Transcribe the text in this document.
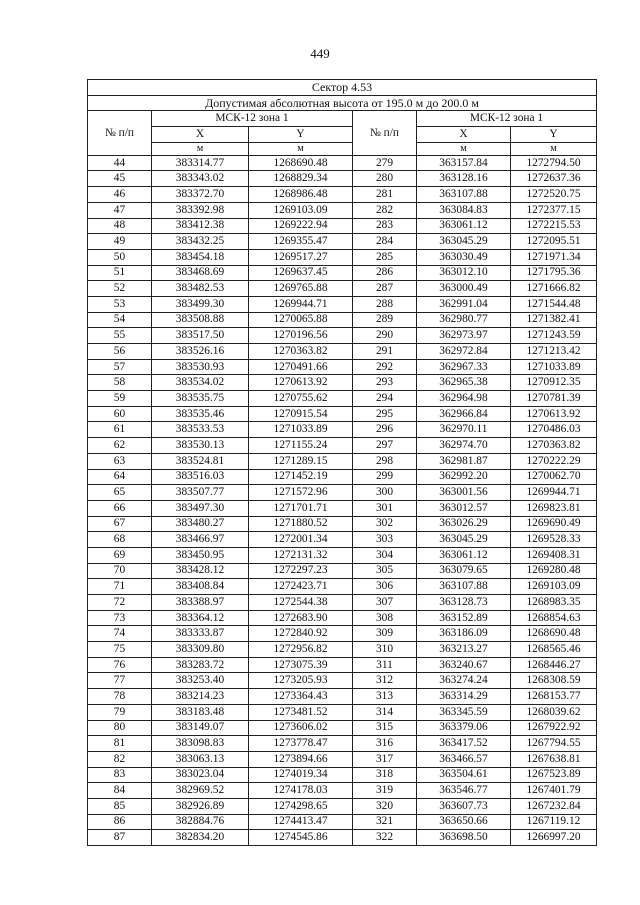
449
Сектор 4.53					
Допустимая абсолютная высота от 195.0 м до 200.0 м					
№ п/п	МСК-12 зона 1		№ п/п	МСК-12 зона 1	
	X	Y		X	Y
	м	м		м	м
44	383314.77	1268690.48	279	363157.84	1272794.50
45	383343.02	1268829.34	280	363128.16	1272637.36
46	383372.70	1268986.48	281	363107.88	1272520.75
47	383392.98	1269103.09	282	363084.83	1272377.15
48	383412.38	1269222.94	283	363061.12	1272215.53
49	383432.25	1269355.47	284	363045.29	1272095.51
50	383454.18	1269517.27	285	363030.49	1271971.34
51	383468.69	1269637.45	286	363012.10	1271795.36
52	383482.53	1269765.88	287	363000.49	1271666.82
53	383499.30	1269944.71	288	362991.04	1271544.48
54	383508.88	1270065.88	289	362980.77	1271382.41
55	383517.50	1270196.56	290	362973.97	1271243.59
56	383526.16	1270363.82	291	362972.84	1271213.42
57	383530.93	1270491.66	292	362967.33	1271033.89
58	383534.02	1270613.92	293	362965.38	1270912.35
59	383535.75	1270755.62	294	362964.98	1270781.39
60	383535.46	1270915.54	295	362966.84	1270613.92
61	383533.53	1271033.89	296	362970.11	1270486.03
62	383530.13	1271155.24	297	362974.70	1270363.82
63	383524.81	1271289.15	298	362981.87	1270222.29
64	383516.03	1271452.19	299	362992.20	1270062.70
65	383507.77	1271572.96	300	363001.56	1269944.71
66	383497.30	1271701.71	301	363012.57	1269823.81
67	383480.27	1271880.52	302	363026.29	1269690.49
68	383466.97	1272001.34	303	363045.29	1269528.33
69	383450.95	1272131.32	304	363061.12	1269408.31
70	383428.12	1272297.23	305	363079.65	1269280.48
71	383408.84	1272423.71	306	363107.88	1269103.09
72	383388.97	1272544.38	307	363128.73	1268983.35
73	383364.12	1272683.90	308	363152.89	1268854.63
74	383333.87	1272840.92	309	363186.09	1268690.48
75	383309.80	1272956.82	310	363213.27	1268565.46
76	383283.72	1273075.39	311	363240.67	1268446.27
77	383253.40	1273205.93	312	363274.24	1268308.59
78	383214.23	1273364.43	313	363314.29	1268153.77
79	383183.48	1273481.52	314	363345.59	1268039.62
80	383149.07	1273606.02	315	363379.06	1267922.92
81	383098.83	1273778.47	316	363417.52	1267794.55
82	383063.13	1273894.66	317	363466.57	1267638.81
83	383023.04	1274019.34	318	363504.61	1267523.89
84	382969.52	1274178.03	319	363546.77	1267401.79
85	382926.89	1274298.65	320	363607.73	1267232.84
86	382884.76	1274413.47	321	363650.66	1267119.12
87	382834.20	1274545.86	322	363698.50	1266997.20
